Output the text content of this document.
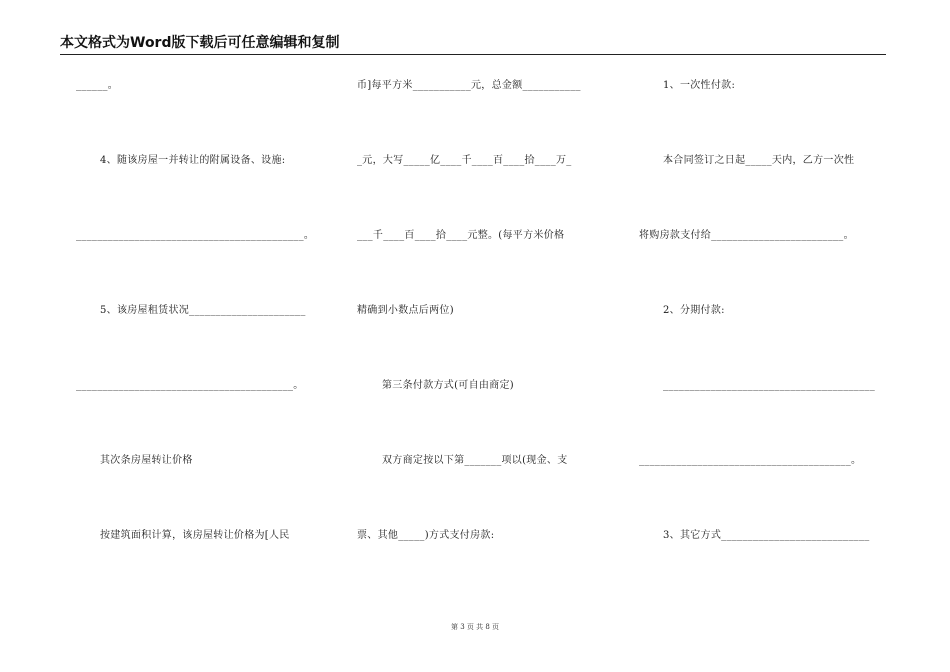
本文格式为Word版下载后可任意编辑和复制
______。
4、随该房屋一并转让的附属设备、设施:
___________________________________________。
5、该房屋租赁状况______________________
_________________________________________。
其次条房屋转让价格
按建筑面积计算，该房屋转让价格为[人民
币]每平方米___________元，总金额___________
_元，大写_____亿____千____百____拾____万_
___千____百____拾____元整。(每平方米价格
精确到小数点后两位)
第三条付款方式(可自由商定)
双方商定按以下第_______项以(现金、支
票、其他_____)方式支付房款:
1、一次性付款:
本合同签订之日起_____天内，乙方一次性
将购房款支付给_________________________。
2、分期付款:
________________________________________
________________________________________。
3、其它方式____________________________
第 3 页 共 8 页
